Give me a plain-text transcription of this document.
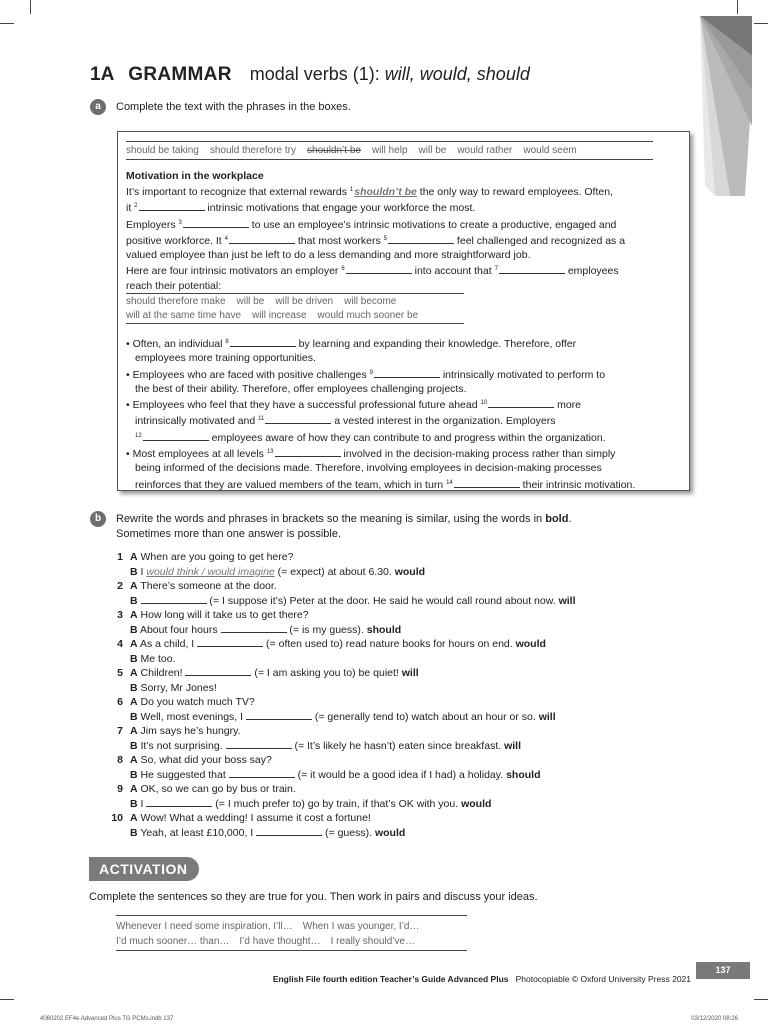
1A GRAMMAR modal verbs (1): will, would, should
a	Complete the text with the phrases in the boxes.
should be taking should therefore try shouldn’t be will help will be would rather would seem
Motivation in the workplace
It’s important to recognize that external rewards $^1$shouldn’t be the only way to reward employees. Often,
it $^2$	intrinsic motivations that engage your workforce the most.
Employers $^3$	to use an employee’s intrinsic motivations to create a productive, engaged and
positive workforce. It $^4$	that most workers $^5$	feel challenged and recognized as a
valued employee than just be left to do a less demanding and more straightforward job.
Here are four intrinsic motivators an employer $^6$	into account that $^7$	employees
reach their potential:
should therefore make will be will be driven will become
will at the same time have will increase would much sooner be
• Often, an individual $^8$	by learning and expanding their knowledge. Therefore, offer
employees more training opportunities.
• Employees who are faced with positive challenges $^9$	intrinsically motivated to perform to
the best of their ability. Therefore, offer employees challenging projects.
• Employees who feel that they have a successful professional future ahead $^{10}$	more
intrinsically motivated and $^{11}$	a vested interest in the organization. Employers
$^{12}$	employees aware of how they can contribute to and progress within the organization.
• Most employees at all levels $^{13}$	involved in the decision-making process rather than simply
being informed of the decisions made. Therefore, involving employees in decision-making processes
reinforces that they are valued members of the team, which in turn $^{14}$	their intrinsic motivation.
b	Rewrite the words and phrases in brackets so the meaning is similar, using the words in bold.
Sometimes more than one answer is possible.
1 A When are you going to get here?
B I would think / would imagine (= expect) at about 6.30. would
2 A There’s someone at the door.
B	(= I suppose it’s) Peter at the door. He said he would call round about now. will
3 A How long will it take us to get there?
B About four hours	(= is my guess). should
4 A As a child, I	(= often used to) read nature books for hours on end. would
B Me too.
5 A Children!	(= I am asking you to) be quiet! will
B Sorry, Mr Jones!
6 A Do you watch much TV?
B Well, most evenings, I	(= generally tend to) watch about an hour or so. will
7 A Jim says he’s hungry.
B It’s not surprising.	(= It’s likely he hasn’t) eaten since breakfast. will
8 A So, what did your boss say?
B He suggested that	(= it would be a good idea if I had) a holiday. should
9 A OK, so we can go by bus or train.
B I	(= I much prefer to) go by train, if that’s OK with you. would
10 A Wow! What a wedding! I assume it cost a fortune!
B Yeah, at least £10,000, I	(= guess). would
ACTIVATION
Complete the sentences so they are true for you. Then work in pairs and discuss your ideas.
Whenever I need some inspiration, I’ll… When I was younger, I’d…
I’d much sooner… than… I’d have thought… I really should’ve…
English File fourth edition Teacher’s Guide Advanced Plus Photocopiable © Oxford University Press 2021
137
4060202 EF4e Advanced Plus TG PCMs.indb 137	03/12/2020 08:26
